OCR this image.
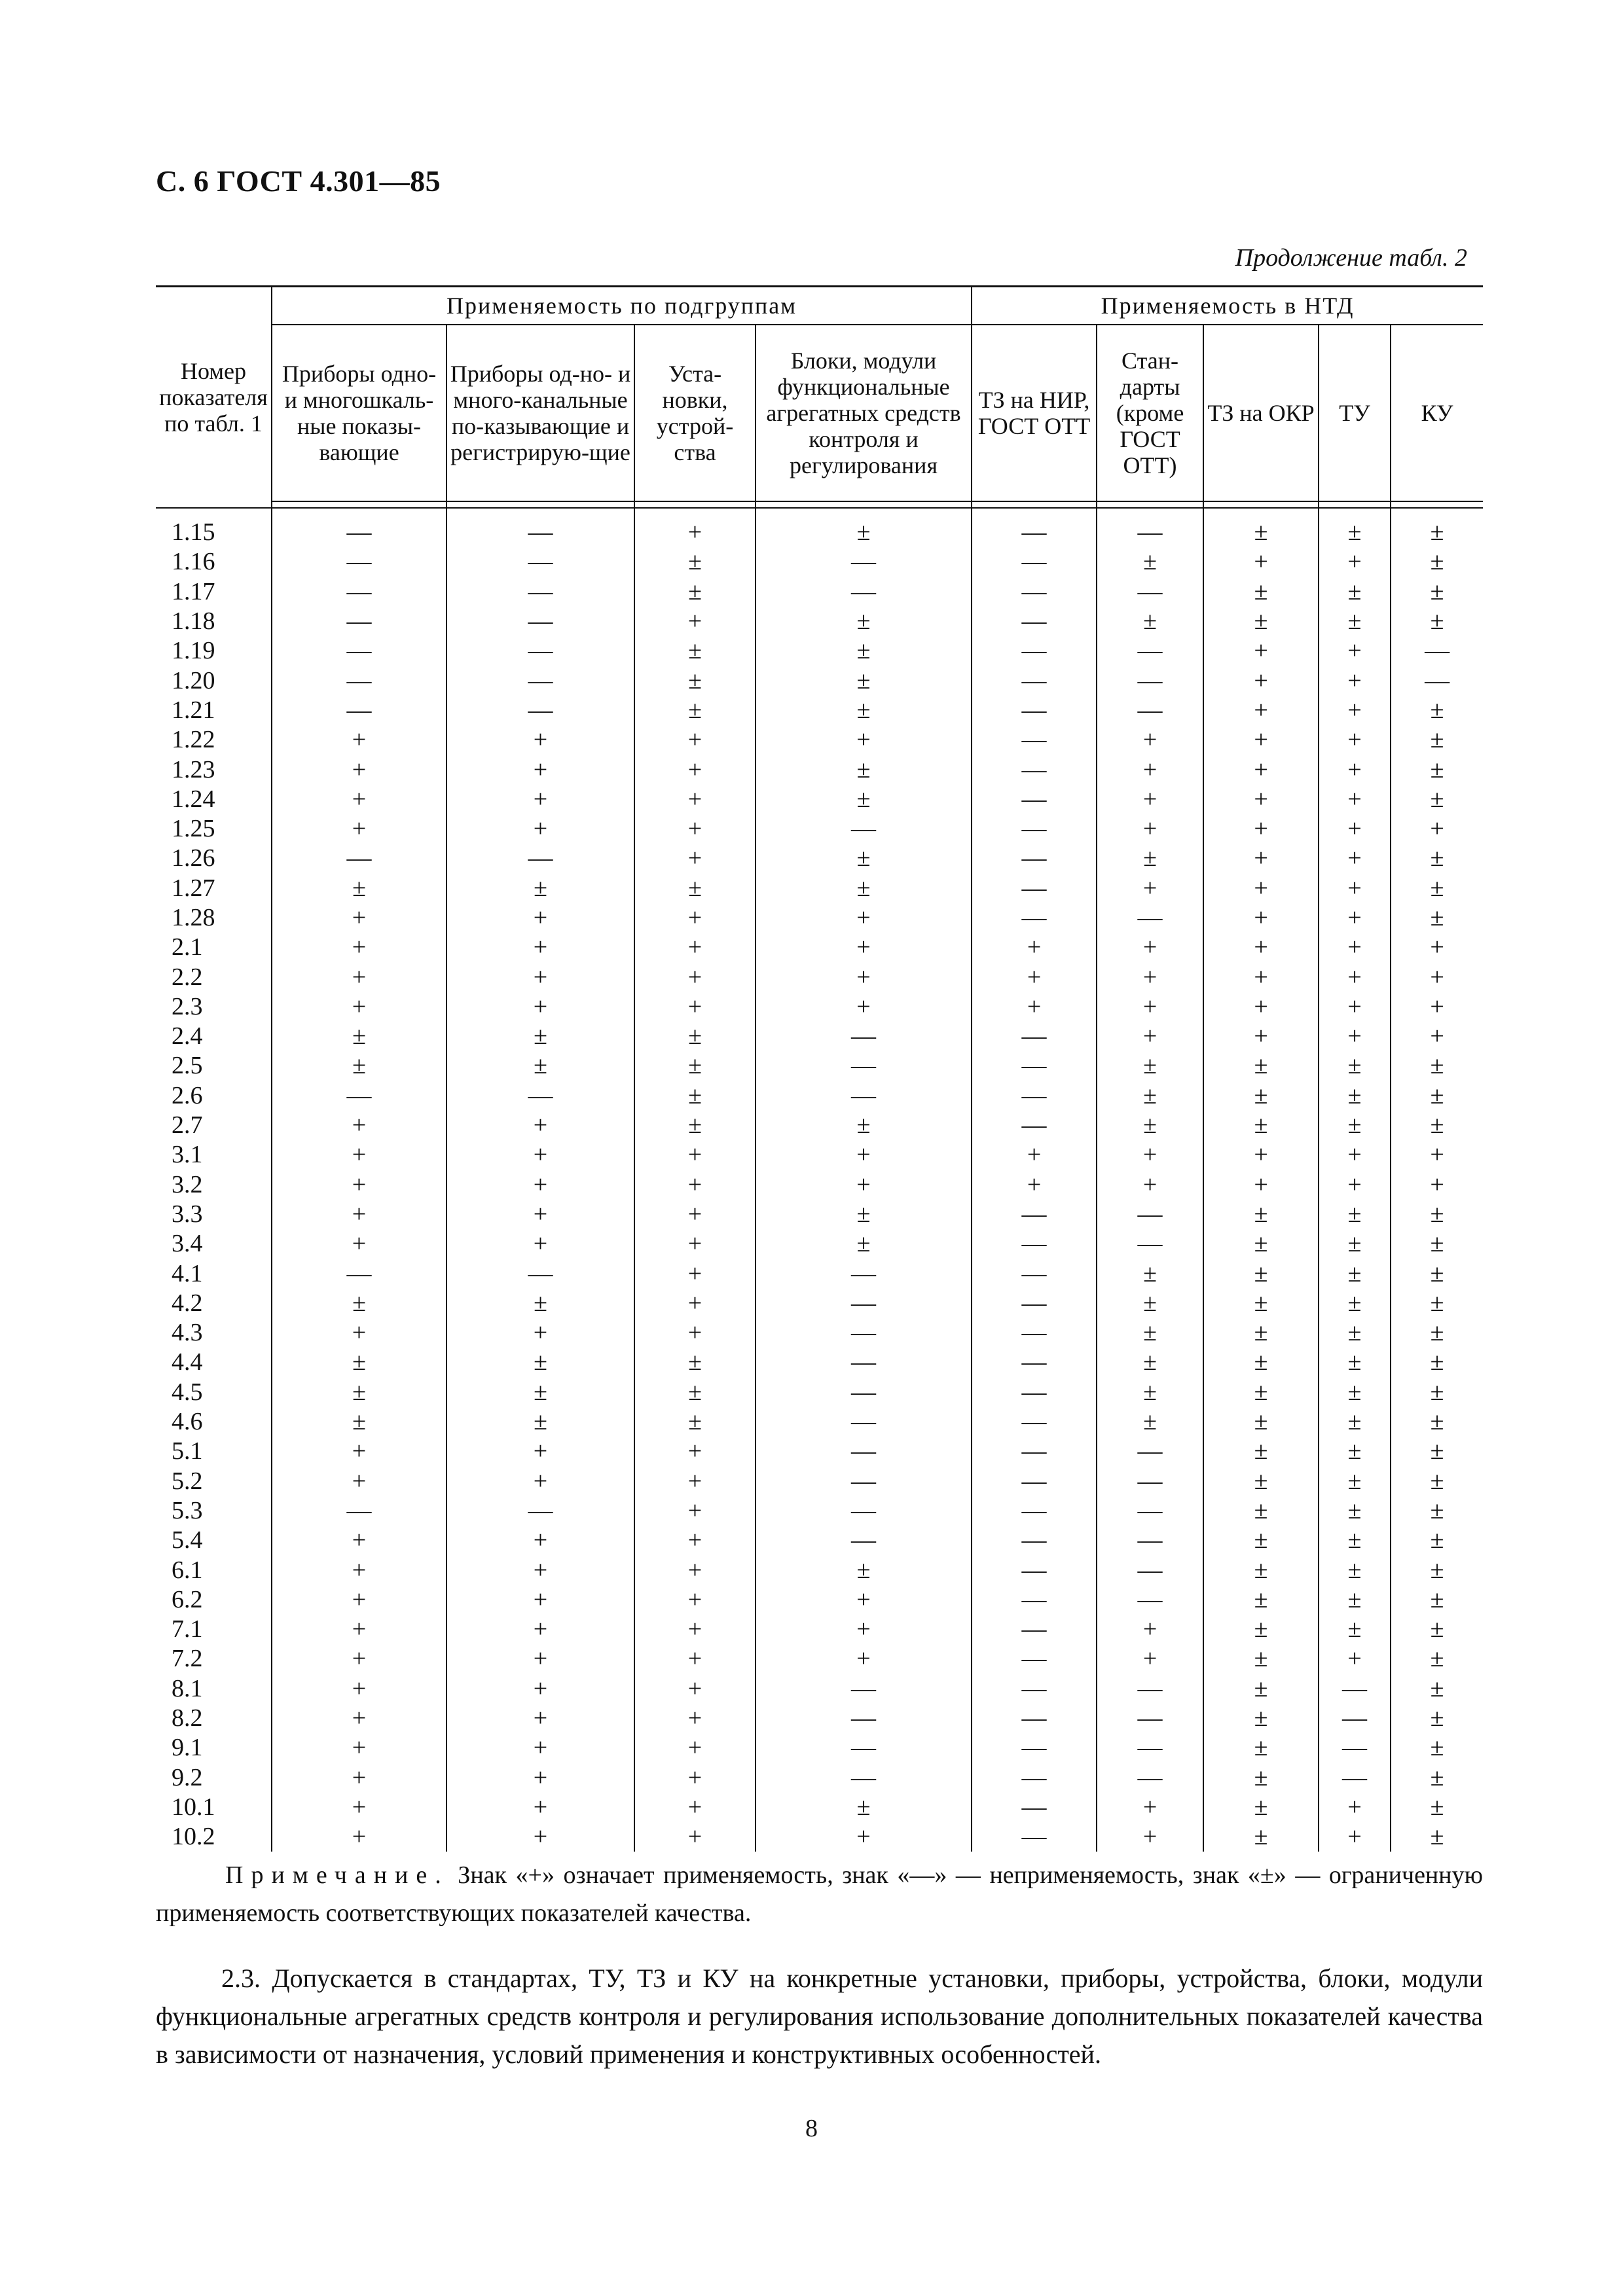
С. 6 ГОСТ 4.301—85
Продолжение табл. 2
Номер показателя по табл. 1	Применяемость по подгруппам				Применяемость в НТД				
	Приборы одно- и многошкаль-ные показы-вающие	Приборы од-но- и много-канальные по-казывающие и регистрирую-щие	Уста-новки, устрой-ства	Блоки, модули функциональные агрегатных средств контроля и регулирования	ТЗ на НИР, ГОСТ ОТТ	Стан-дарты (кроме ГОСТ ОТТ)	ТЗ на ОКР	ТУ	КУ

1.15	—	—	+	±	—	—	±	±	±
1.16	—	—	±	—	—	±	+	+	±
1.17	—	—	±	—	—	—	±	±	±
1.18	—	—	+	±	—	±	±	±	±
1.19	—	—	±	±	—	—	+	+	—
1.20	—	—	±	±	—	—	+	+	—
1.21	—	—	±	±	—	—	+	+	±
1.22	+	+	+	+	—	+	+	+	±
1.23	+	+	+	±	—	+	+	+	±
1.24	+	+	+	±	—	+	+	+	±
1.25	+	+	+	—	—	+	+	+	+
1.26	—	—	+	±	—	±	+	+	±
1.27	±	±	±	±	—	+	+	+	±
1.28	+	+	+	+	—	—	+	+	±
2.1	+	+	+	+	+	+	+	+	+
2.2	+	+	+	+	+	+	+	+	+
2.3	+	+	+	+	+	+	+	+	+
2.4	±	±	±	—	—	+	+	+	+
2.5	±	±	±	—	—	±	±	±	±
2.6	—	—	±	—	—	±	±	±	±
2.7	+	+	±	±	—	±	±	±	±
3.1	+	+	+	+	+	+	+	+	+
3.2	+	+	+	+	+	+	+	+	+
3.3	+	+	+	±	—	—	±	±	±
3.4	+	+	+	±	—	—	±	±	±
4.1	—	—	+	—	—	±	±	±	±
4.2	±	±	+	—	—	±	±	±	±
4.3	+	+	+	—	—	±	±	±	±
4.4	±	±	±	—	—	±	±	±	±
4.5	±	±	±	—	—	±	±	±	±
4.6	±	±	±	—	—	±	±	±	±
5.1	+	+	+	—	—	—	±	±	±
5.2	+	+	+	—	—	—	±	±	±
5.3	—	—	+	—	—	—	±	±	±
5.4	+	+	+	—	—	—	±	±	±
6.1	+	+	+	±	—	—	±	±	±
6.2	+	+	+	+	—	—	±	±	±
7.1	+	+	+	+	—	+	±	±	±
7.2	+	+	+	+	—	+	±	+	±
8.1	+	+	+	—	—	—	±	—	±
8.2	+	+	+	—	—	—	±	—	±
9.1	+	+	+	—	—	—	±	—	±
9.2	+	+	+	—	—	—	±	—	±
10.1	+	+	+	±	—	+	±	+	±
10.2	+	+	+	+	—	+	±	+	±
Примечание. Знак «+» означает применяемость, знак «—» — неприменяемость, знак «±» — ограниченную применяемость соответствующих показателей качества.
2.3. Допускается в стандартах, ТУ, ТЗ и КУ на конкретные установки, приборы, устройства, блоки, модули функциональные агрегатных средств контроля и регулирования использование дополнительных показателей качества в зависимости от назначения, условий применения и конструктивных особенностей.
8
